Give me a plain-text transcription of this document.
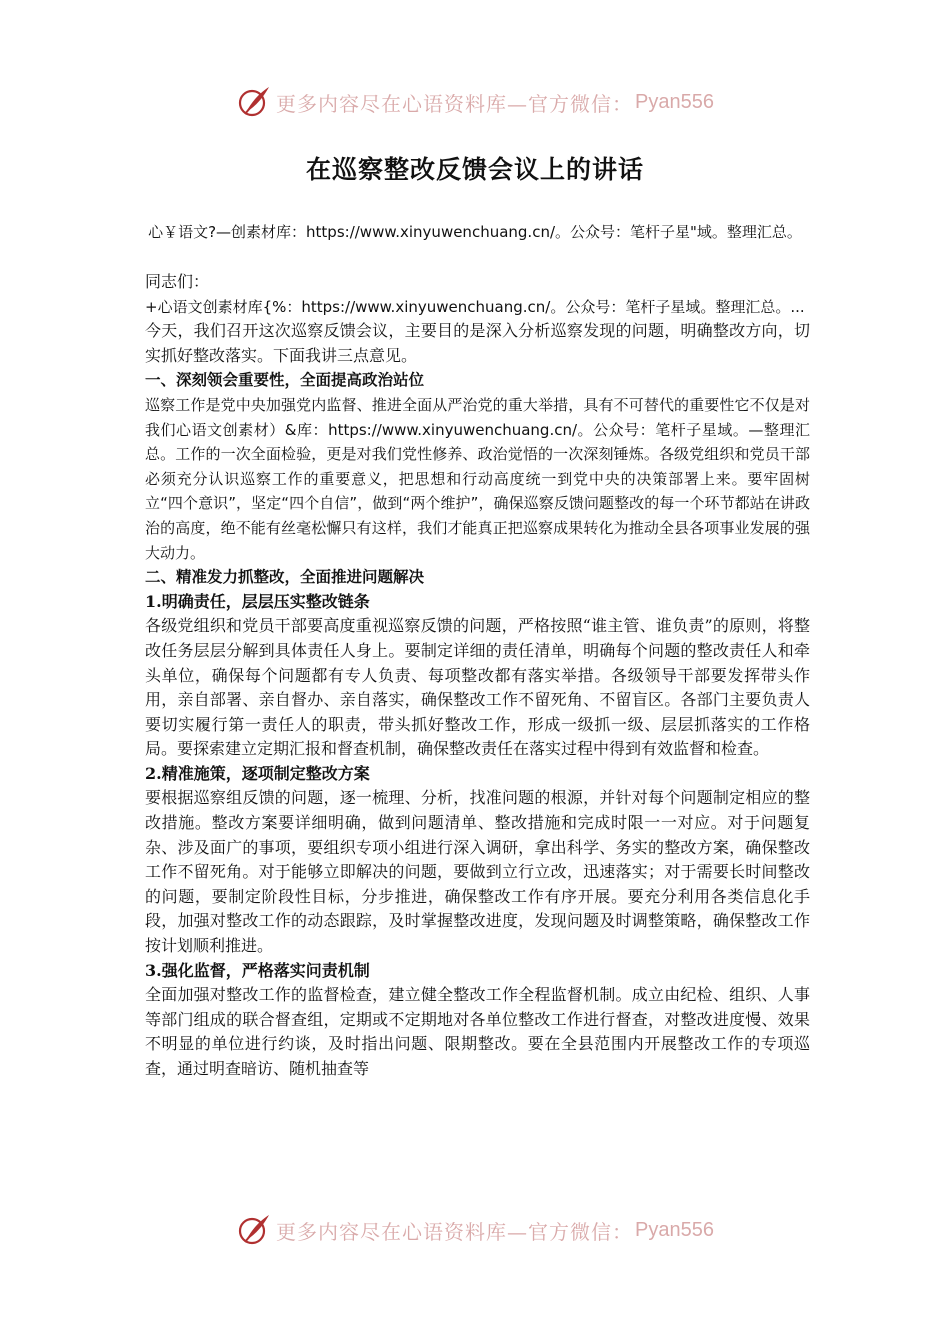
更多内容尽在心语资料库—官方微信： Pyan556
在巡察整改反馈会议上的讲话
心￥语文?—创素材库：https://www.xinyuwenchuang.cn/。公众号：笔杆子星"域。整理汇总。

同志们：

+心语文创素材库{%：https://www.xinyuwenchuang.cn/。公众号：笔杆子星域。整理汇总。...

今天，我们召开这次巡察反馈会议，主要目的是深入分析巡察发现的问题，明确整改方向，切实抓好整改落实。下面我讲三点意见。

一、深刻领会重要性，全面提高政治站位

巡察工作是党中央加强党内监督、推进全面从严治党的重大举措，具有不可替代的重要性它不仅是对我们心语文创素材）&库：https://www.xinyuwenchuang.cn/。公众号：笔杆子星域。—整理汇总。工作的一次全面检验，更是对我们党性修养、政治觉悟的一次深刻锤炼。各级党组织和党员干部必须充分认识巡察工作的重要意义，把思想和行动高度统一到党中央的决策部署上来。要牢固树立“四个意识”，坚定“四个自信”，做到“两个维护”，确保巡察反馈问题整改的每一个环节都站在讲政治的高度，绝不能有丝毫松懈只有这样，我们才能真正把巡察成果转化为推动全县各项事业发展的强大动力。

二、精准发力抓整改，全面推进问题解决

1.明确责任，层层压实整改链条

各级党组织和党员干部要高度重视巡察反馈的问题，严格按照“谁主管、谁负责”的原则，将整改任务层层分解到具体责任人身上。要制定详细的责任清单，明确每个问题的整改责任人和牵头单位，确保每个问题都有专人负责、每项整改都有落实举措。各级领导干部要发挥带头作用，亲自部署、亲自督办、亲自落实，确保整改工作不留死角、不留盲区。各部门主要负责人要切实履行第一责任人的职责，带头抓好整改工作，形成一级抓一级、层层抓落实的工作格局。要探索建立定期汇报和督查机制，确保整改责任在落实过程中得到有效监督和检查。

2.精准施策，逐项制定整改方案

要根据巡察组反馈的问题，逐一梳理、分析，找准问题的根源，并针对每个问题制定相应的整改措施。整改方案要详细明确，做到问题清单、整改措施和完成时限一一对应。对于问题复杂、涉及面广的事项，要组织专项小组进行深入调研，拿出科学、务实的整改方案，确保整改工作不留死角。对于能够立即解决的问题，要做到立行立改，迅速落实；对于需要长时间整改的问题，要制定阶段性目标，分步推进，确保整改工作有序开展。要充分利用各类信息化手段，加强对整改工作的动态跟踪，及时掌握整改进度，发现问题及时调整策略，确保整改工作按计划顺利推进。

3.强化监督，严格落实问责机制

全面加强对整改工作的监督检查，建立健全整改工作全程监督机制。成立由纪检、组织、人事等部门组成的联合督查组，定期或不定期地对各单位整改工作进行督查，对整改进度慢、效果不明显的单位进行约谈，及时指出问题、限期整改。要在全县范围内开展整改工作的专项巡查，通过明查暗访、随机抽查等

更多内容尽在心语资料库—官方微信： Pyan556
